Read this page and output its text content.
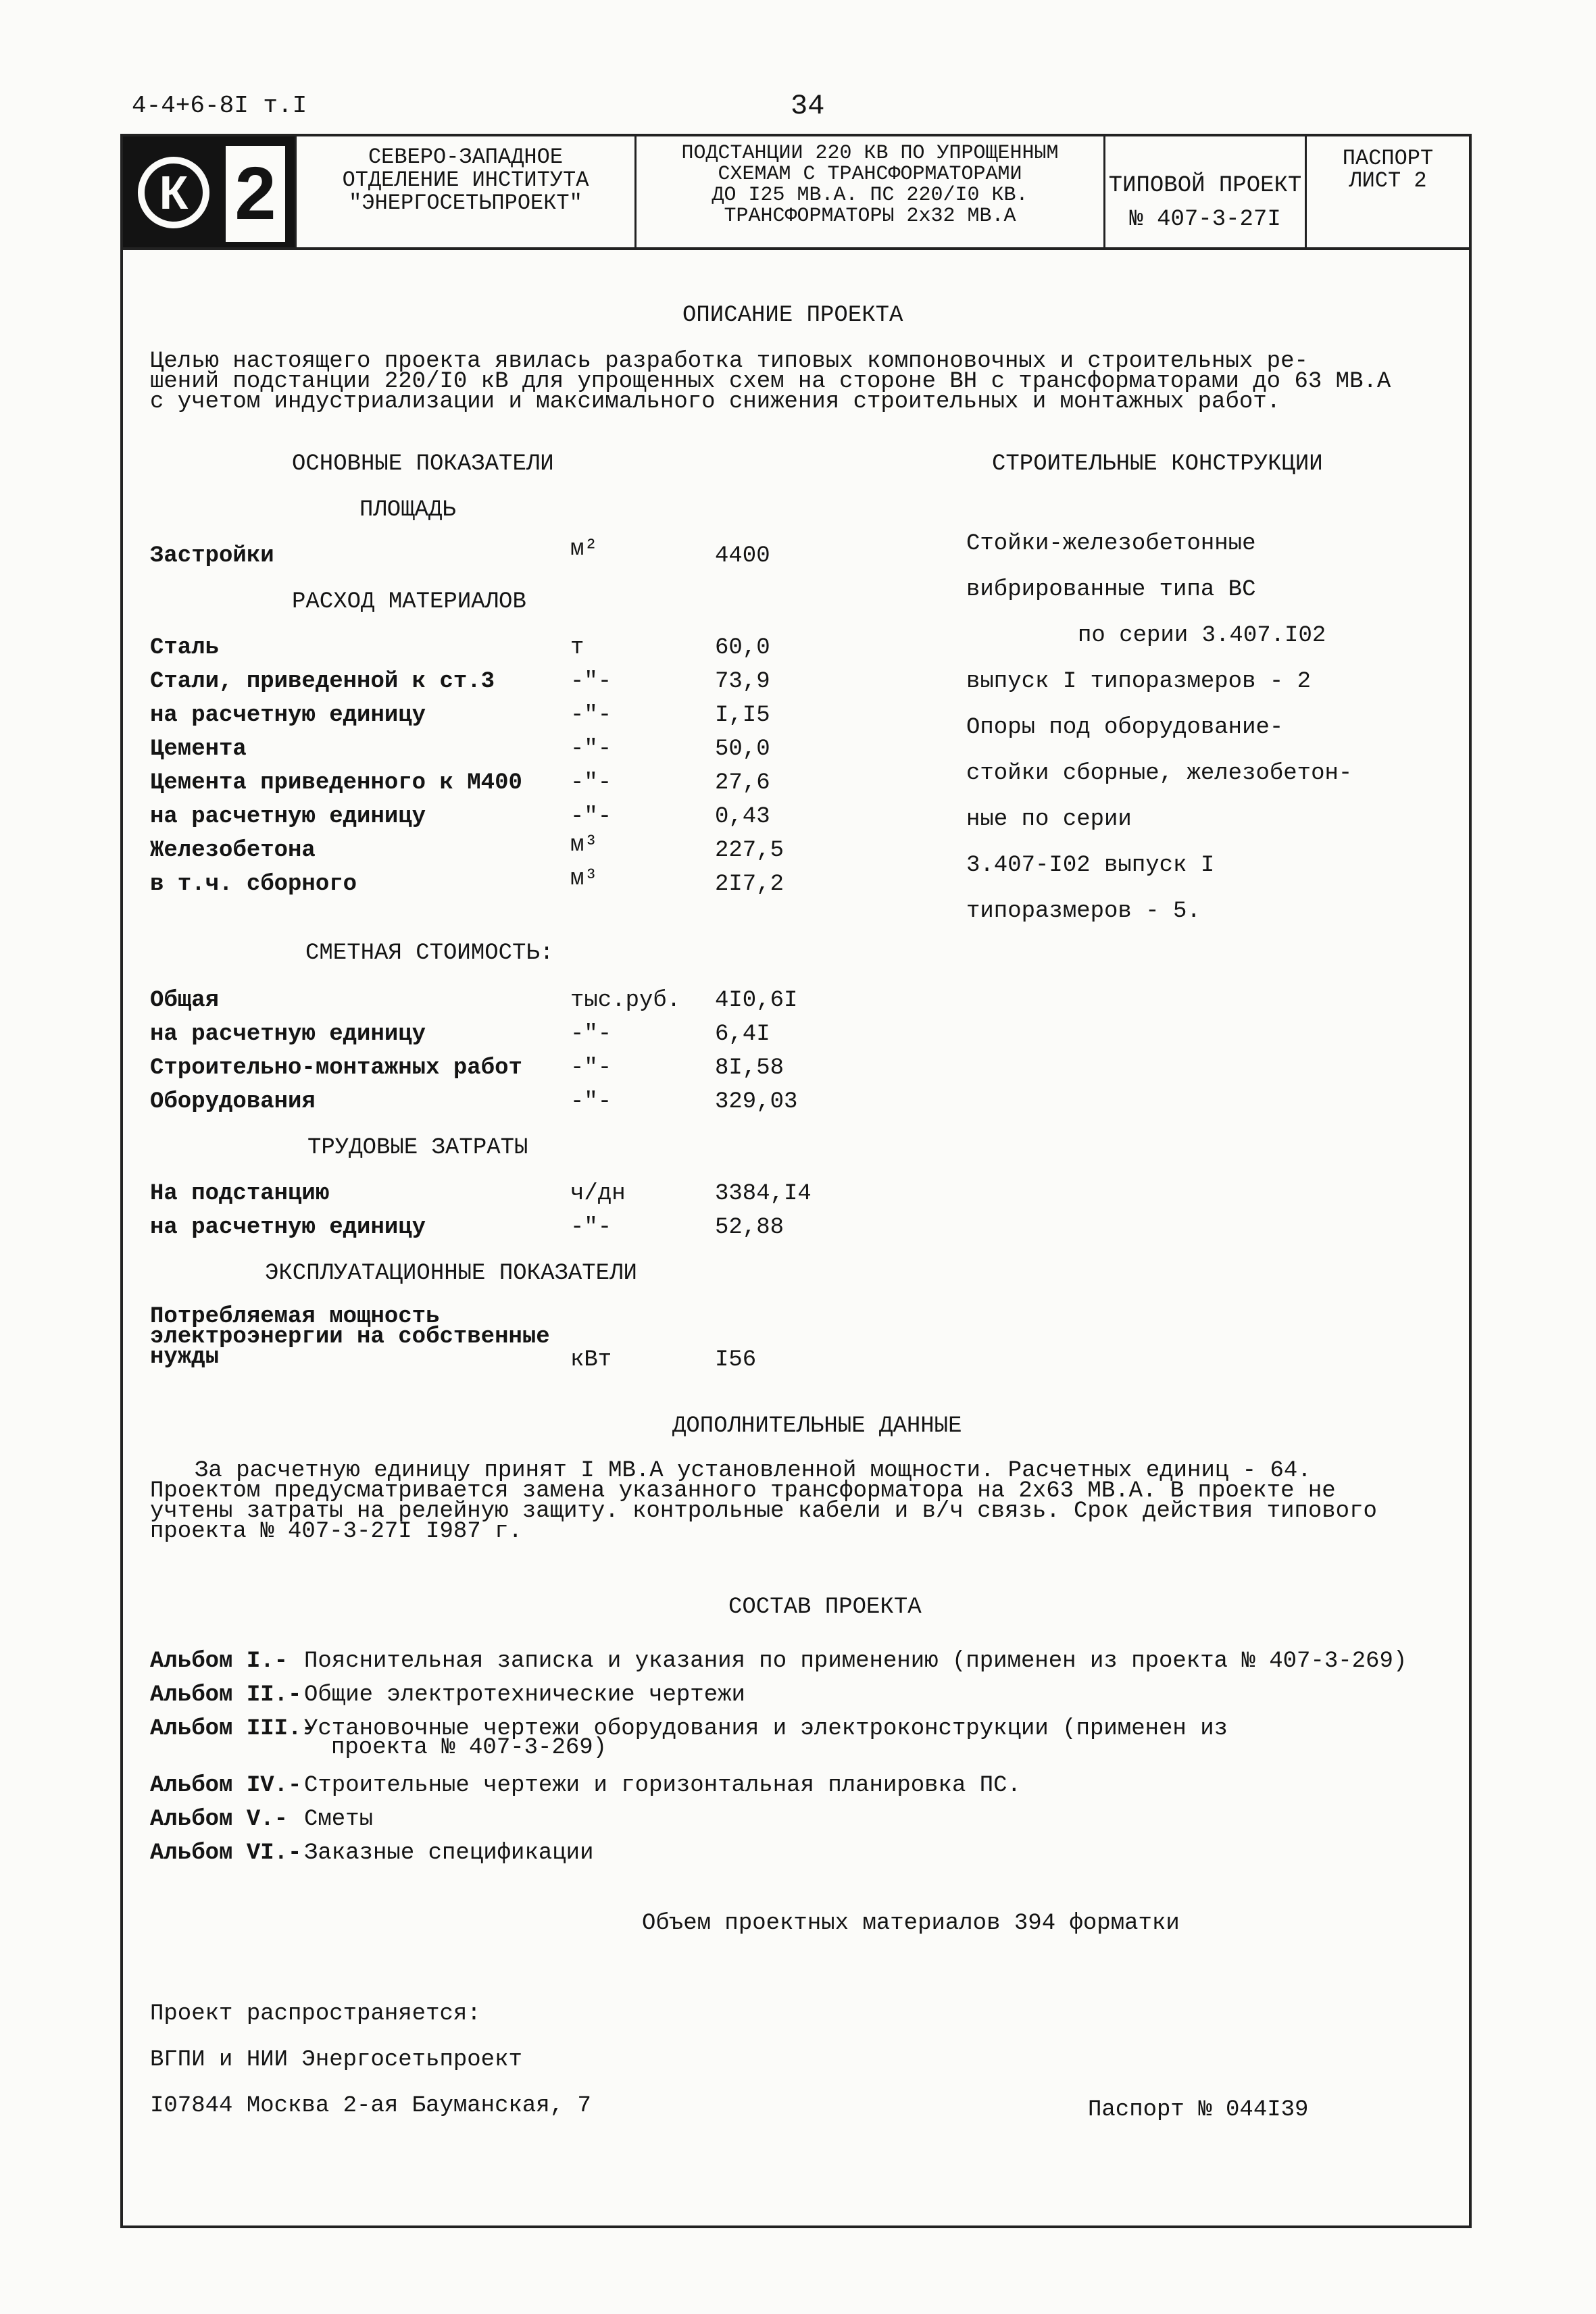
4-4+6-8I т.I	34
К 2	СЕВЕРО-ЗАПАДНОЕ
ОТДЕЛЕНИЕ ИНСТИТУТА
"ЭНЕРГОСЕТЬПРОЕКТ"
ПОДСТАНЦИИ 220 КВ ПО УПРОЩЕННЫМ
СХЕМАМ С ТРАНСФОРМАТОРАМИ
ДО I25 МВ.А. ПС 220/I0 КВ.
ТРАНСФОРМАТОРЫ 2х32 МВ.А
ТИПОВОЙ ПРОЕКТ
№ 407-3-27I
ПАСПОРТ
ЛИСТ 2
ОПИСАНИЕ ПРОЕКТА
Целью настоящего проекта явилась разработка типовых компоновочных и строительных ре-
шений подстанции 220/I0 кВ для упрощенных схем на стороне ВН с трансформаторами до 63 МВ.А
с учетом индустриализации и максимального снижения строительных и монтажных работ.
ОСНОВНЫЕ ПОКАЗАТЕЛИ
ПЛОЩАДЬ
Застройки	м²	4400
РАСХОД МАТЕРИАЛОВ
Сталь	т	60,0
Стали, приведенной к ст.3	-"-	73,9
на расчетную единицу	-"-	I,I5
Цемента	-"-	50,0
Цемента приведенного к М400 -"-	27,6
на расчетную единицу	-"-	0,43
Железобетона	м³	227,5
в т.ч. сборного	м³	2I7,2
СМЕТНАЯ СТОИМОСТЬ:
Общая	тыс.руб. 4I0,6I
на расчетную единицу	-"-	6,4I
Строительно-монтажных работ -"-	8I,58
Оборудования	-"-	329,03
ТРУДОВЫЕ ЗАТРАТЫ
На подстанцию	ч/дн	3384,I4
на расчетную единицу	-"-	52,88
ЭКСПЛУАТАЦИОННЫЕ ПОКАЗАТЕЛИ
Потребляемая мощность
электроэнергии на собственные
нужды	кВт	I56
СТРОИТЕЛЬНЫЕ КОНСТРУКЦИИ
Стойки-железобетонные
вибрированные типа ВС
по серии 3.407.I02
выпуск I типоразмеров - 2
Опоры под оборудование-
стойки сборные, железобетон-
ные по серии
3.407-I02 выпуск I
типоразмеров - 5.
ДОПОЛНИТЕЛЬНЫЕ ДАННЫЕ
За расчетную единицу принят I МВ.А установленной мощности. Расчетных единиц - 64.
Проектом предусматривается замена указанного трансформатора на 2х63 МВ.А. В проекте не
учтены затраты на релейную защиту. контрольные кабели и в/ч связь. Срок действия типового
проекта № 407-3-27I I987 г.
СОСТАВ ПРОЕКТА
Альбом I.- Пояснительная записка и указания по применению (применен из проекта № 407-3-269)
Альбом II.- Общие электротехнические чертежи
Альбом III.-
Установочные чертежи оборудования и электроконструкции (применен из
проекта № 407-3-269)
Альбом IV.- Строительные чертежи и горизонтальная планировка ПС.
Альбом V.- Сметы
Альбом VI.- Заказные спецификации
Объем проектных материалов 394 форматки
Проект распространяется:
ВГПИ и НИИ Энергосетьпроект
I07844 Москва 2-ая Бауманская, 7	Паспорт № 044I39
